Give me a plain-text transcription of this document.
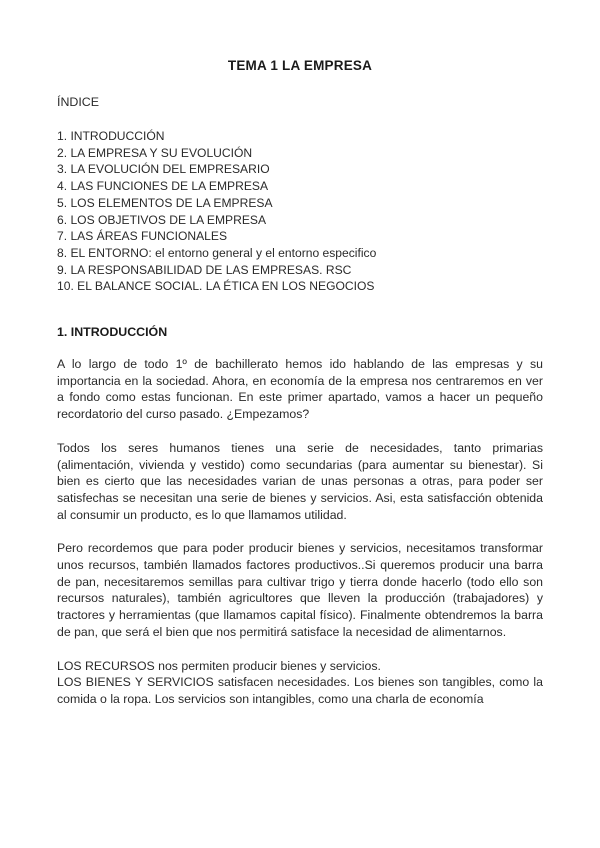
TEMA 1 LA EMPRESA
ÍNDICE
1. INTRODUCCIÓN
2. LA EMPRESA Y SU EVOLUCIÓN
3. LA EVOLUCIÓN DEL EMPRESARIO
4. LAS FUNCIONES DE LA EMPRESA
5. LOS ELEMENTOS DE LA EMPRESA
6. LOS OBJETIVOS DE LA EMPRESA
7. LAS ÁREAS FUNCIONALES
8. EL ENTORNO: el entorno general y el entorno especifico
9. LA RESPONSABILIDAD DE LAS EMPRESAS. RSC
10. EL BALANCE SOCIAL. LA ÉTICA EN LOS NEGOCIOS
1. INTRODUCCIÓN

A lo largo de todo 1º de bachillerato hemos ido hablando de las empresas y su importancia en la sociedad. Ahora, en economía de la empresa nos centraremos en ver a fondo como estas funcionan. En este primer apartado, vamos a hacer un pequeño recordatorio del curso pasado. ¿Empezamos?

Todos los seres humanos tienes una serie de necesidades, tanto primarias (alimentación, vivienda y vestido) como secundarias (para aumentar su bienestar). Si bien es cierto que las necesidades varian de unas personas a otras, para poder ser satisfechas se necesitan una serie de bienes y servicios. Asi, esta satisfacción obtenida al consumir un producto, es lo que llamamos utilidad.

Pero recordemos que para poder producir bienes y servicios, necesitamos transformar unos recursos, también llamados factores productivos..Si queremos producir una barra de pan, necesitaremos semillas para cultivar trigo y tierra donde hacerlo (todo ello son recursos naturales), también agricultores que lleven la producción (trabajadores) y tractores y herramientas (que llamamos capital físico). Finalmente obtendremos la barra de pan, que será el bien que nos permitirá satisface la necesidad de alimentarnos.

LOS RECURSOS nos permiten producir bienes y servicios.

LOS BIENES Y SERVICIOS satisfacen necesidades. Los bienes son tangibles, como la comida o la ropa. Los servicios son intangibles, como una charla de economía
